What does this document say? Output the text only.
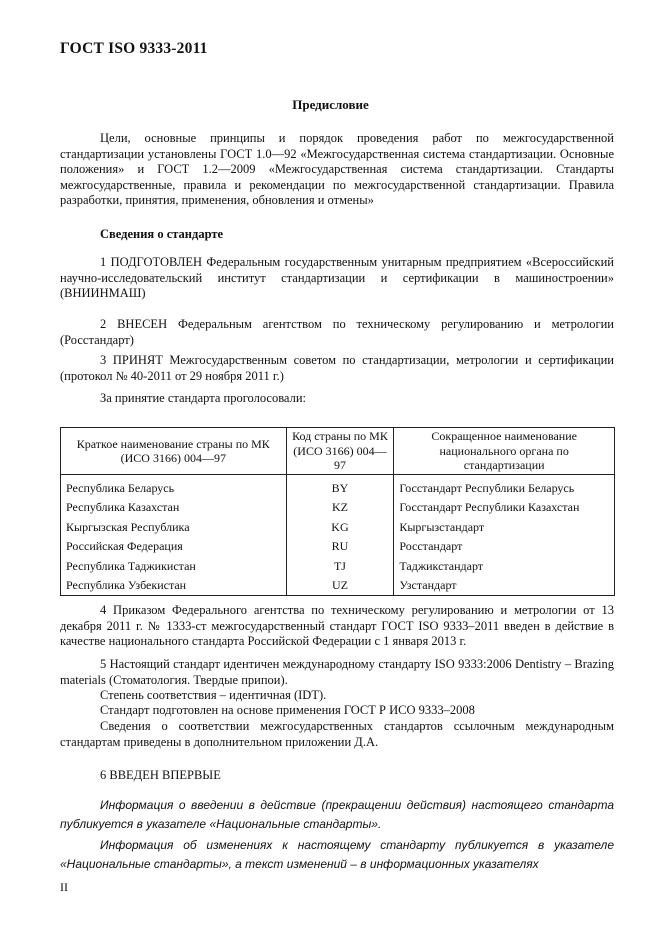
ГОСТ ISO 9333-2011
Предисловие
Цели, основные принципы и порядок проведения работ по межгосударственной стандартизации установлены ГОСТ 1.0—92 «Межгосударственная система стандартизации. Основные положения» и ГОСТ 1.2—2009 «Межгосударственная система стандартизации. Стандарты межгосударственные, правила и рекомендации по межгосударственной стандартизации. Правила разработки, принятия, применения, обновления и отмены»
Сведения о стандарте
1 ПОДГОТОВЛЕН Федеральным государственным унитарным предприятием «Всероссийский научно-исследовательский институт стандартизации и сертификации в машиностроении» (ВНИИНМАШ)
2 ВНЕСЕН Федеральным агентством по техническому регулированию и метрологии (Росстандарт)
3 ПРИНЯТ Межгосударственным советом по стандартизации, метрологии и сертификации (протокол № 40-2011 от 29 ноября 2011 г.)
За принятие стандарта проголосовали:
Краткое наименование страны по МК (ИСО 3166) 004—97	Код страны по МК (ИСО 3166) 004—97	Сокращенное наименование национального органа по стандартизации
Республика Беларусь	BY	Госстандарт Республики Беларусь
Республика Казахстан	KZ	Госстандарт Республики Казахстан
Кыргызская Республика	KG	Кыргызстандарт
Российская Федерация	RU	Росстандарт
Республика Таджикистан	TJ	Таджикстандарт
Республика Узбекистан	UZ	Узстандарт
4 Приказом Федерального агентства по техническому регулированию и метрологии от 13 декабря 2011 г. № 1333-ст межгосударственный стандарт ГОСТ ISO 9333–2011 введен в действие в качестве национального стандарта Российской Федерации с 1 января 2013 г.
5 Настоящий стандарт идентичен международному стандарту ISO 9333:2006 Dentistry – Brazing materials (Стоматология. Твердые припои).
Степень соответствия – идентичная (IDT).
Стандарт подготовлен на основе применения ГОСТ Р ИСО 9333–2008
Сведения о соответствии межгосударственных стандартов ссылочным международным стандартам приведены в дополнительном приложении Д.А.
6 ВВЕДЕН ВПЕРВЫЕ
Информация о введении в действие (прекращении действия) настоящего стандарта публикуется в указателе «Национальные стандарты».
Информация об изменениях к настоящему стандарту публикуется в указателе «Национальные стандарты», а текст изменений – в информационных указателях
II
